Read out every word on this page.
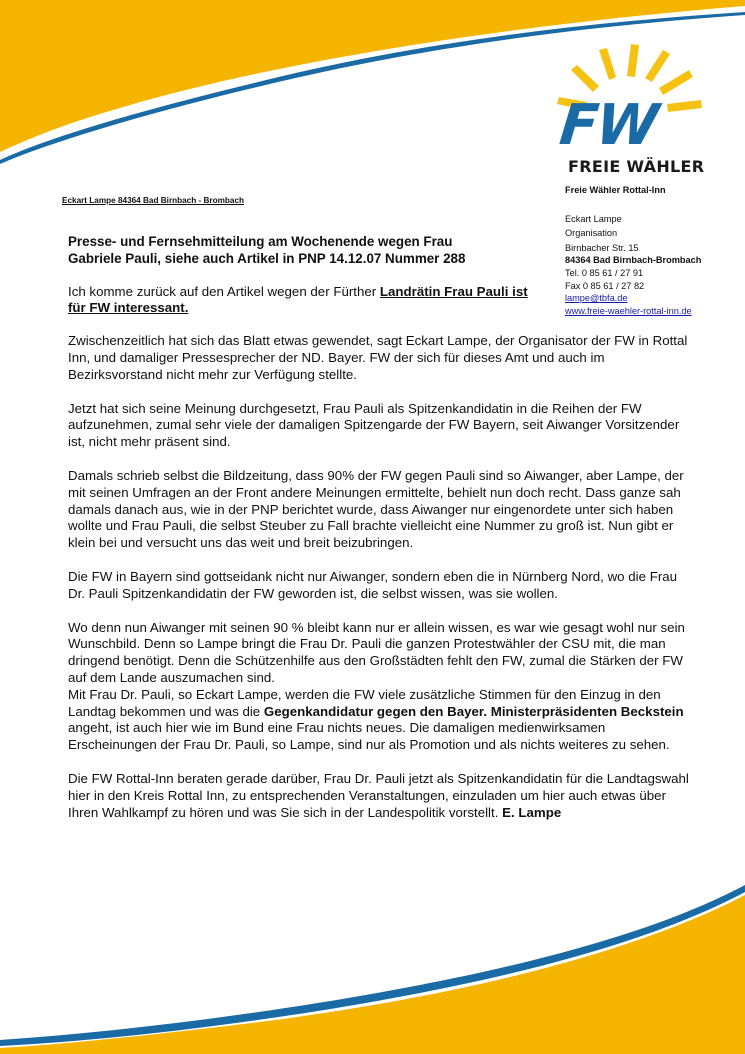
FW
FREIE WÄHLER
Eckart Lampe 84364 Bad Birnbach - Brombach
Freie Wähler Rottal-Inn
Eckart Lampe
Organisation
Birnbacher Str. 15
84364 Bad Birnbach-Brombach
Tel. 0 85 61 / 27 91
Fax 0 85 61 / 27 82
lampe@tbfa.de
www.freie-waehler-rottal-inn.de

Presse- und Fernsehmitteilung am Wochenende wegen Frau Gabriele Pauli, siehe auch Artikel in PNP 14.12.07 Nummer 288

Ich komme zurück auf den Artikel wegen der Fürther Landrätin Frau Pauli ist für FW interessant.

Zwischenzeitlich hat sich das Blatt etwas gewendet, sagt Eckart Lampe, der Organisator der FW in Rottal Inn, und damaliger Pressesprecher der ND. Bayer. FW der sich für dieses Amt und auch im Bezirksvorstand nicht mehr zur Verfügung stellte.

Jetzt hat sich seine Meinung durchgesetzt, Frau Pauli als Spitzenkandidatin in die Reihen der FW aufzunehmen, zumal sehr viele der damaligen Spitzengarde der FW Bayern, seit Aiwanger Vorsitzender ist, nicht mehr präsent sind.

Damals schrieb selbst die Bildzeitung, dass 90% der FW gegen Pauli sind so Aiwanger, aber Lampe, der mit seinen Umfragen an der Front andere Meinungen ermittelte, behielt nun doch recht. Dass ganze sah damals danach aus, wie in der PNP berichtet wurde, dass Aiwanger nur eingenordete unter sich haben wollte und Frau Pauli, die selbst Steuber zu Fall brachte vielleicht eine Nummer zu groß ist. Nun gibt er klein bei und versucht uns das weit und breit beizubringen.

Die FW in Bayern sind gottseidank nicht nur Aiwanger, sondern eben die in Nürnberg Nord, wo die Frau Dr. Pauli Spitzenkandidatin der FW geworden ist, die selbst wissen, was sie wollen.

Wo denn nun Aiwanger mit seinen 90 % bleibt kann nur er allein wissen, es war wie gesagt wohl nur sein Wunschbild. Denn so Lampe bringt die Frau Dr. Pauli die ganzen Protestwähler der CSU mit, die man dringend benötigt. Denn die Schützenhilfe aus den Großstädten fehlt den FW, zumal die Stärken der FW auf dem Lande auszumachen sind.

Mit Frau Dr. Pauli, so Eckart Lampe, werden die FW viele zusätzliche Stimmen für den Einzug in den Landtag bekommen und was die Gegenkandidatur gegen den Bayer. Ministerpräsidenten Beckstein angeht, ist auch hier wie im Bund eine Frau nichts neues. Die damaligen medienwirksamen Erscheinungen der Frau Dr. Pauli, so Lampe, sind nur als Promotion und als nichts weiteres zu sehen.

Die FW Rottal-Inn beraten gerade darüber, Frau Dr. Pauli jetzt als Spitzenkandidatin für die Landtagswahl hier in den Kreis Rottal Inn, zu entsprechenden Veranstaltungen, einzuladen um hier auch etwas über Ihren Wahlkampf zu hören und was Sie sich in der Landespolitik vorstellt. E. Lampe
